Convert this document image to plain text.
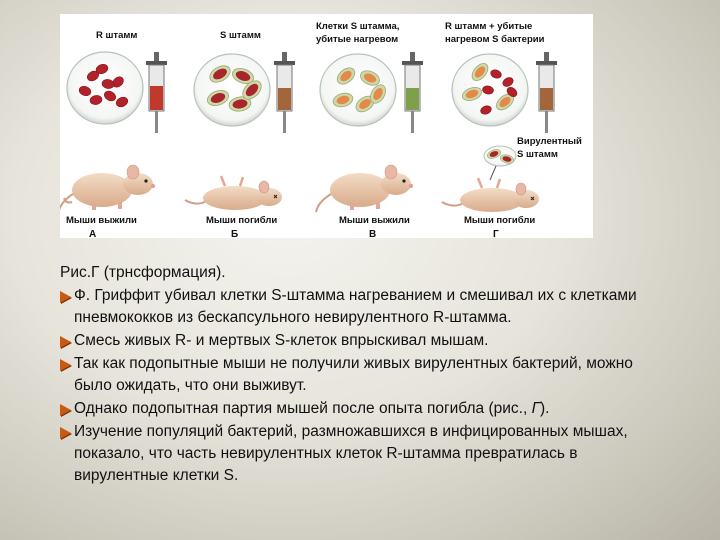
R штамм	S штамм
Клетки S штамма,
убитые нагревом
R штамм + убитые
нагревом S бактерии
Вирулентный
S штамм
Мыши выжили	Мыши погибли	Мыши выжили	Мыши погибли
А	Б	В	Г

Рис.Г (трнсформация).

Ф. Гриффит убивал клетки S-штамма нагреванием и смешивал их с клетками пневмококков из бескапсульного невирулентного R-штамма.
Смесь живых R- и мертвых S-клеток впрыскивал мышам.
Так как подопытные мыши не получили живых вирулентных бактерий, можно было ожидать, что они выживут.
Однако подопытная партия мышей после опыта погибла (рис., Г).
Изучение популяций бактерий, размножавшихся в инфицированных мышах, показало, что часть невирулентных клеток R-штамма превратилась в вирулентные клетки S.
